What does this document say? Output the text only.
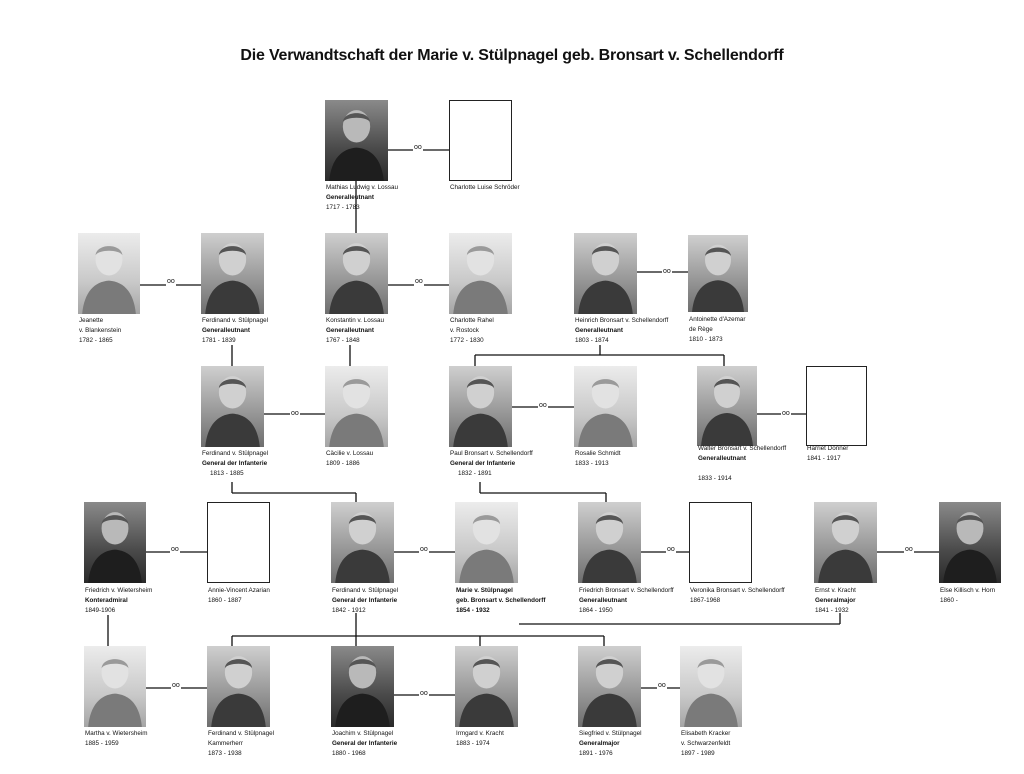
Die Verwandtschaft der Marie v. Stülpnagel geb. Bronsart v. Schellendorff
oo
oo	oo
oo
oo
oo
oo
oo	oo	oo	oo
oo
oo
oo
Mathias Ludwig v. Lossau
Generalleutnant
1717 - 1783
Charlotte Luise Schröder
Jeanette
v. Blankenstein
1782 - 1865
Ferdinand v. Stülpnagel
Generalleutnant
1781 - 1839
Konstantin v. Lossau
Generalleutnant
1767 - 1848
Charlotte Rahel
v. Rostock
1772 - 1830
Heinrich Bronsart v. Schellendorff
Generalleutnant
1803 - 1874
Antoinette d'Azemar
de Rège
1810 - 1873
Ferdinand v. Stülpnagel
General der Infanterie
1813 - 1885
Cäcilie v. Lossau
1809 - 1886
Paul Bronsart v. Schellendorff
General der Infanterie
1832 - 1891
Rosalie Schmidt
1833 - 1913
Walter Bronsart v. Schellendorff
Generalleutnant

1833 - 1914
Harriet Donner
1841 - 1917
Friedrich v. Wietersheim
Konteradmiral
1849-1906
Annie-Vincent Azarian
1860 - 1887
Ferdinand v. Stülpnagel
General der Infanterie
1842 - 1912
Marie v. Stülpnagel
geb. Bronsart v. Schellendorff
1854 - 1932
Friedrich Bronsart v. Schellendorff
Generalleutnant
1864 - 1950
Veronika Bronsart v. Schellendorff
1867-1968
Ernst v. Kracht
Generalmajor
1841 - 1932
Else Killisch v. Horn
1860 -
Martha v. Wietersheim
1885 - 1959
Ferdinand v. Stülpnagel
Kammerherr
1873 - 1938
Joachim v. Stülpnagel
General der Infanterie
1880 - 1968
Irmgard v. Kracht
1883 - 1974
Siegfried v. Stülpnagel
Generalmajor
1891 - 1976
Elisabeth Kracker
v. Schwarzenfeldt
1897 - 1989
